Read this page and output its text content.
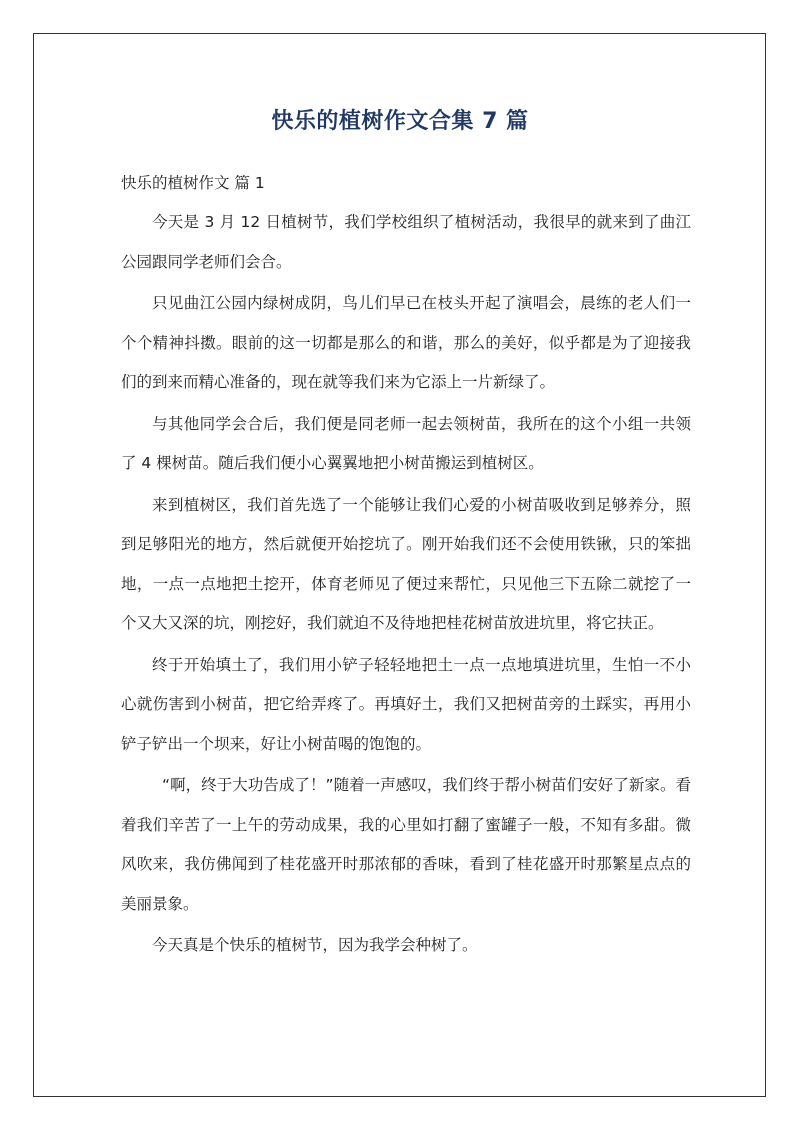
快乐的植树作文合集 7 篇
快乐的植树作文 篇 1

今天是 3 月 12 日植树节，我们学校组织了植树活动，我很早的就来到了曲江公园跟同学老师们会合。

只见曲江公园内绿树成阴，鸟儿们早已在枝头开起了演唱会，晨练的老人们一个个精神抖擞。眼前的这一切都是那么的和谐，那么的美好，似乎都是为了迎接我们的到来而精心准备的，现在就等我们来为它添上一片新绿了。

与其他同学会合后，我们便是同老师一起去领树苗，我所在的这个小组一共领了 4 棵树苗。随后我们便小心翼翼地把小树苗搬运到植树区。

来到植树区，我们首先选了一个能够让我们心爱的小树苗吸收到足够养分，照到足够阳光的地方，然后就便开始挖坑了。刚开始我们还不会使用铁锹，只的笨拙地，一点一点地把土挖开，体育老师见了便过来帮忙，只见他三下五除二就挖了一个又大又深的坑，刚挖好，我们就迫不及待地把桂花树苗放进坑里，将它扶正。

终于开始填土了，我们用小铲子轻轻地把土一点一点地填进坑里，生怕一不小心就伤害到小树苗，把它给弄疼了。再填好土，我们又把树苗旁的土踩实，再用小铲子铲出一个坝来，好让小树苗喝的饱饱的。

“啊，终于大功告成了！”随着一声感叹，我们终于帮小树苗们安好了新家。看着我们辛苦了一上午的劳动成果，我的心里如打翻了蜜罐子一般，不知有多甜。微风吹来，我仿佛闻到了桂花盛开时那浓郁的香味，看到了桂花盛开时那繁星点点的美丽景象。

今天真是个快乐的植树节，因为我学会种树了。
